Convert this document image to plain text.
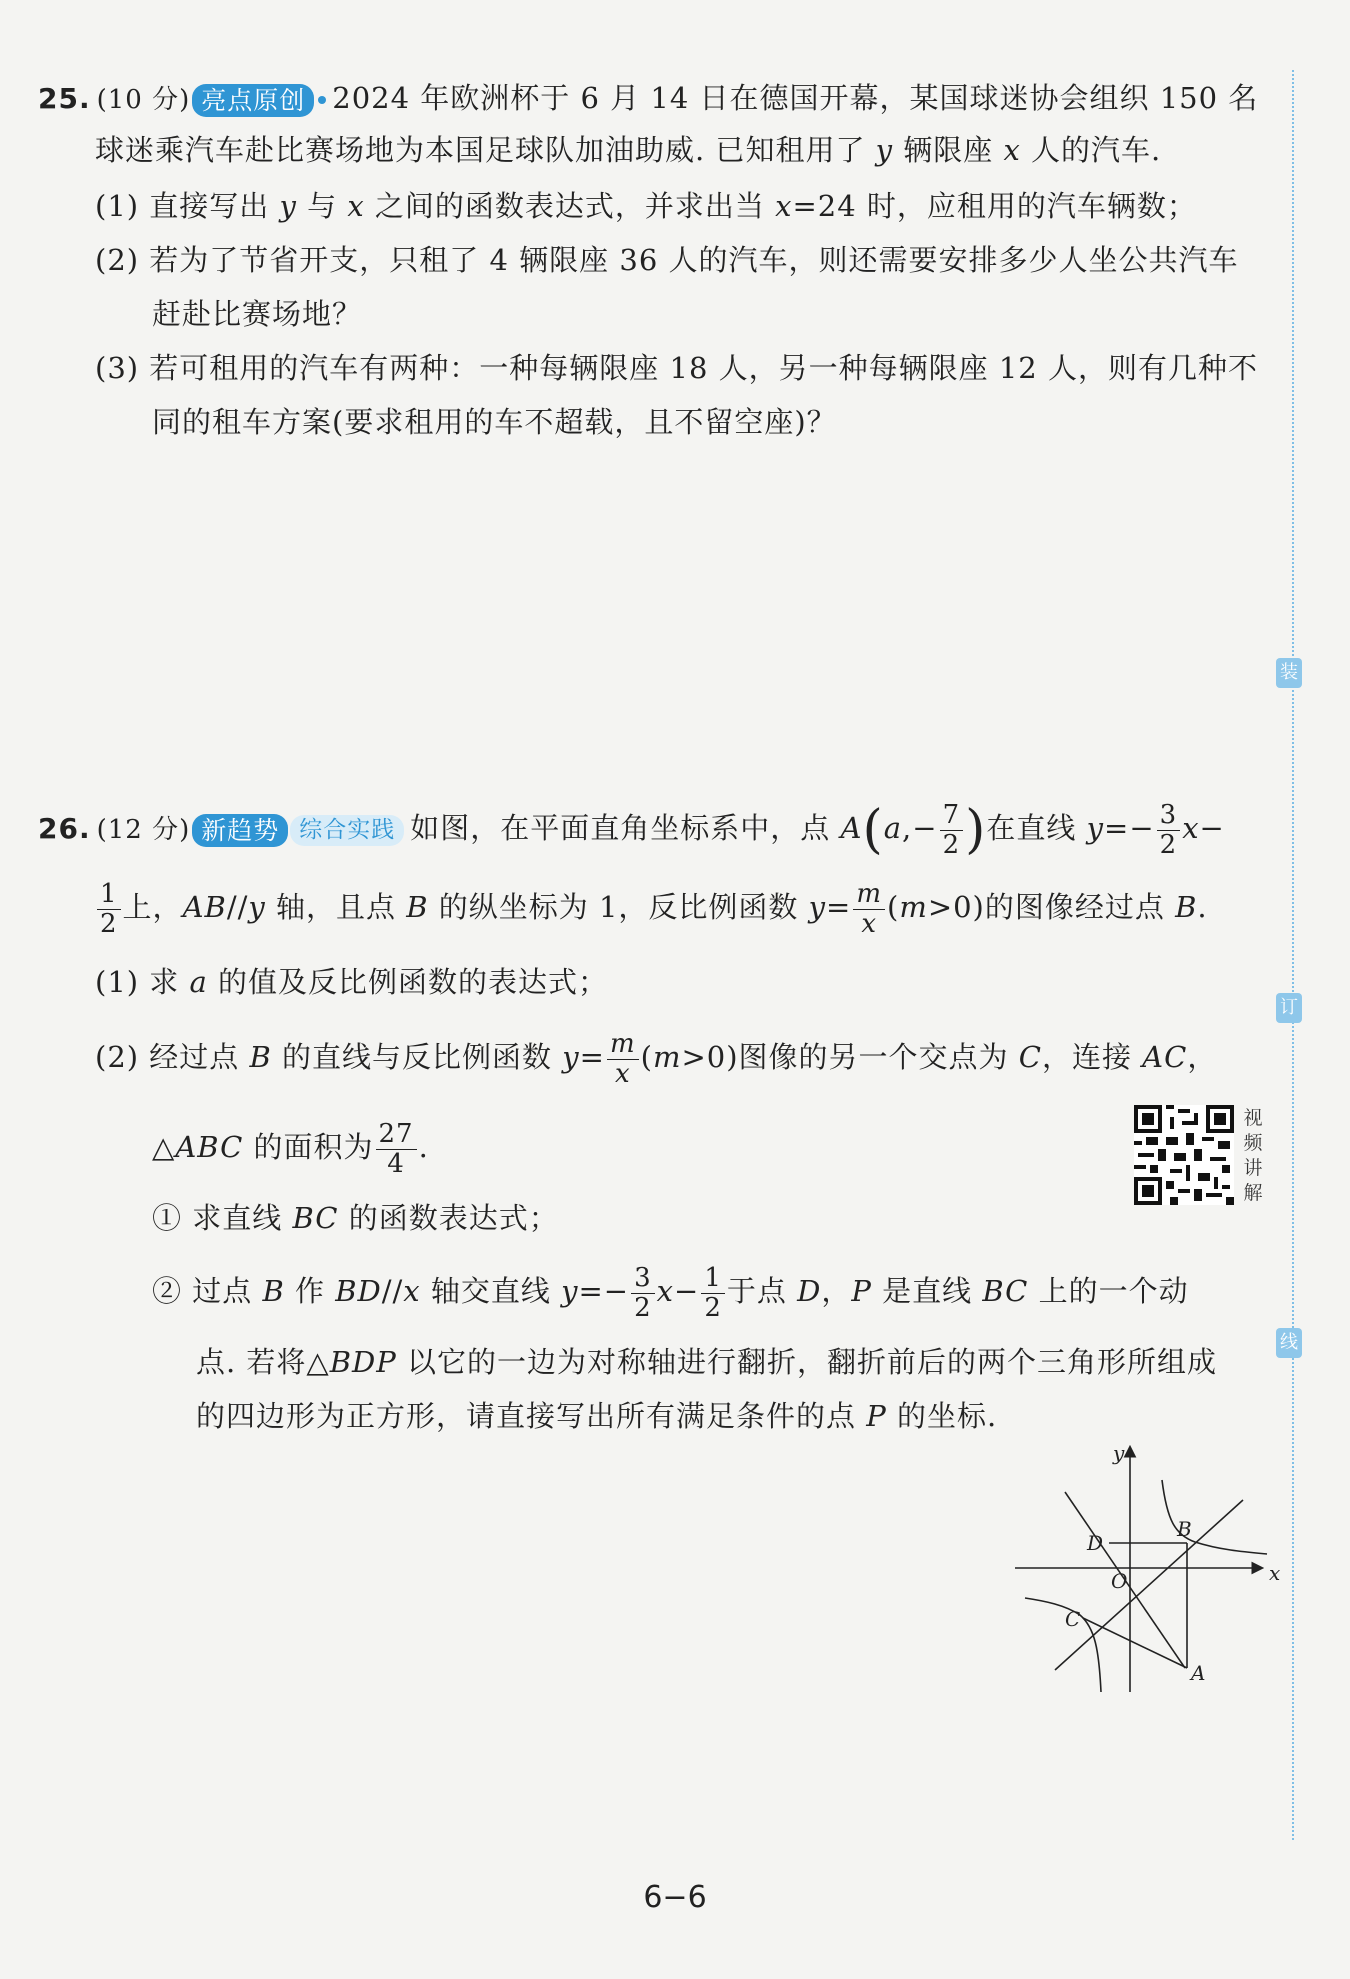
25. (10 分) 亮点原创 2024 年欧洲杯于 6 月 14 日在德国开幕，某国球迷协会组织 150 名
球迷乘汽车赴比赛场地为本国足球队加油助威. 已知租用了 y 辆限座 x 人的汽车.
(1) 直接写出 y 与 x 之间的函数表达式，并求出当 x=24 时，应租用的汽车辆数；
(2) 若为了节省开支，只租了 4 辆限座 36 人的汽车，则还需要安排多少人坐公共汽车
赶赴比赛场地？
(3) 若可租用的汽车有两种：一种每辆限座 18 人，另一种每辆限座 12 人，则有几种不
同的租车方案(要求租用的车不超载，且不留空座)？
26. (12 分) 新趋势 综合实践 如图，在平面直角坐标系中，点 $A(a,- \frac{7}{2}$ )在直线 $y=- \frac{3}{2} x-$
$\frac{1}{2}$ 上，AB//y 轴，且点 B 的纵坐标为 1，反比例函数 $y= \frac{m}{x} (m>0)$的图像经过点 B.
(1) 求 a 的值及反比例函数的表达式；
(2) 经过点 B 的直线与反比例函数 $y= \frac{m}{x} (m>0)$图像的另一个交点为 C，连接 AC，
△ABC 的面积为 $\frac{27}{4}$ .
① 求直线 BC 的函数表达式；
② 过点 B 作 BD//x 轴交直线 $y=- \frac{3}{2} x- \frac{1}{2}$ 于点 D，P 是直线 BC 上的一个动
点. 若将△BDP 以它的一边为对称轴进行翻折，翻折前后的两个三角形所组成
的四边形为正方形，请直接写出所有满足条件的点 P 的坐标.
视
频
讲
解
y
x
O
B
D
C
A
装
订
线
6−6
